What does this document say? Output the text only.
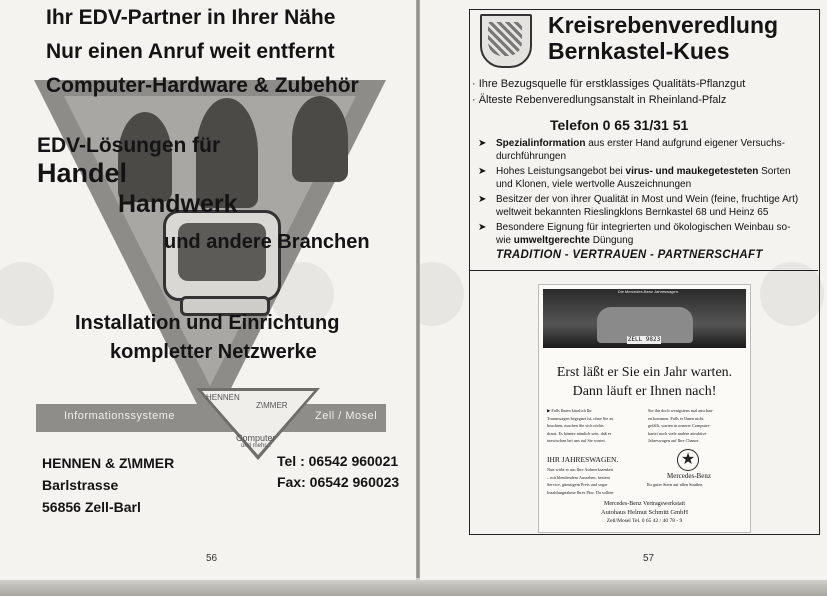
Ihr EDV-Partner in Ihrer Nähe
Nur einen Anruf weit entfernt
Computer-Hardware & Zubehör
EDV-Lösungen für
Handel
Handwerk
und andere Branchen
Installation und Einrichtung
kompletter Netzwerke
Informationssysteme	Zell / Mosel
HENNEN
Z\MMER
Computer
und mehr...
HENNEN & Z\MMER
Barlstrasse
56856 Zell-Barl
Tel : 06542 960021
Fax: 06542 960023
56
Kreisrebenveredlung
Bernkastel-Kues
· Ihre Bezugsquelle für erstklassiges Qualitäts-Pflanzgut
· Älteste Rebenveredlungsanstalt in Rheinland-Pfalz
Telefon 0 65 31/31 51
➤ Spezialinformation aus erster Hand aufgrund eigener Versuchs-
durchführungen
➤ Hohes Leistungsangebot bei virus- und maukegetesteten Sorten
und Klonen, viele wertvolle Auszeichnungen
➤ Besitzer der von ihrer Qualität in Most und Wein (feine, fruchtige Art)
weltweit bekannten Rieslingklons Bernkastel 68 und Heinz 65
➤ Besondere Eignung für integrierten und ökologischen Weinbau so-
wie umweltgerechte Düngung
TRADITION - VERTRAUEN - PARTNERSCHAFT
Die Mercedes-Benz Jahreswagen.
ZELL 9823
Erst läßt er Sie ein Jahr warten.
Dann läuft er Ihnen nach!
▶ Falls Ihnen kürzlich Ihr
Traumwagen begegnet ist, ohne Sie zu
beachten, machen Sie sich nichts
draus. Es könnte nämlich sein, daß er
inzwischen bei uns auf Sie wartet.
Sie ihn doch wenigstens mal anschau-
en kommen. Falls er Ihnen nicht
gefällt, warten in unserer Computer-
kartei noch viele andere attraktive
Jahreswagen auf Ihre Chance.
IHR JAHRESWAGEN.
Nun wirbt er um Ihre Aufmerksamkeit
– mit blendendem Aussehen, bestem
Service, günstigem Preis und sogar
Inzahlungnahme Ihres Pkw. Da sollten
★
Mercedes-Benz
Ihr guter Stern auf allen Straßen.
Mercedes-Benz Vertragswerkstatt
Autohaus Helmut Schmitt GmbH
Zell/Mosel Tel. 0 65 42 / 40 78 - 9
57
